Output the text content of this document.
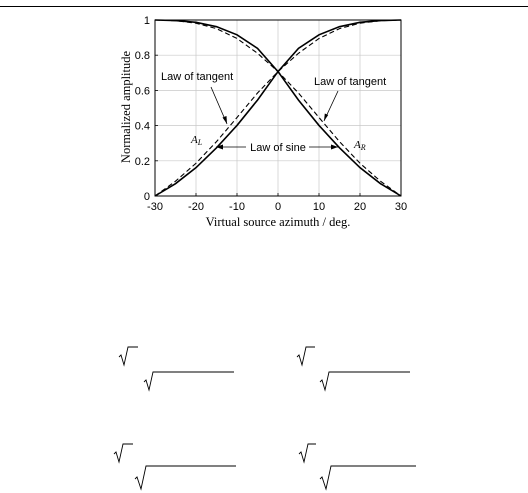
-30 -20 -10	0	10	20	30
0
0.2
0.4
0.6
0.8
1
Virtual source azimuth / deg.
Normalized amplitude	Law of tangent	Law of tangent
Law of sine
AL	AR
